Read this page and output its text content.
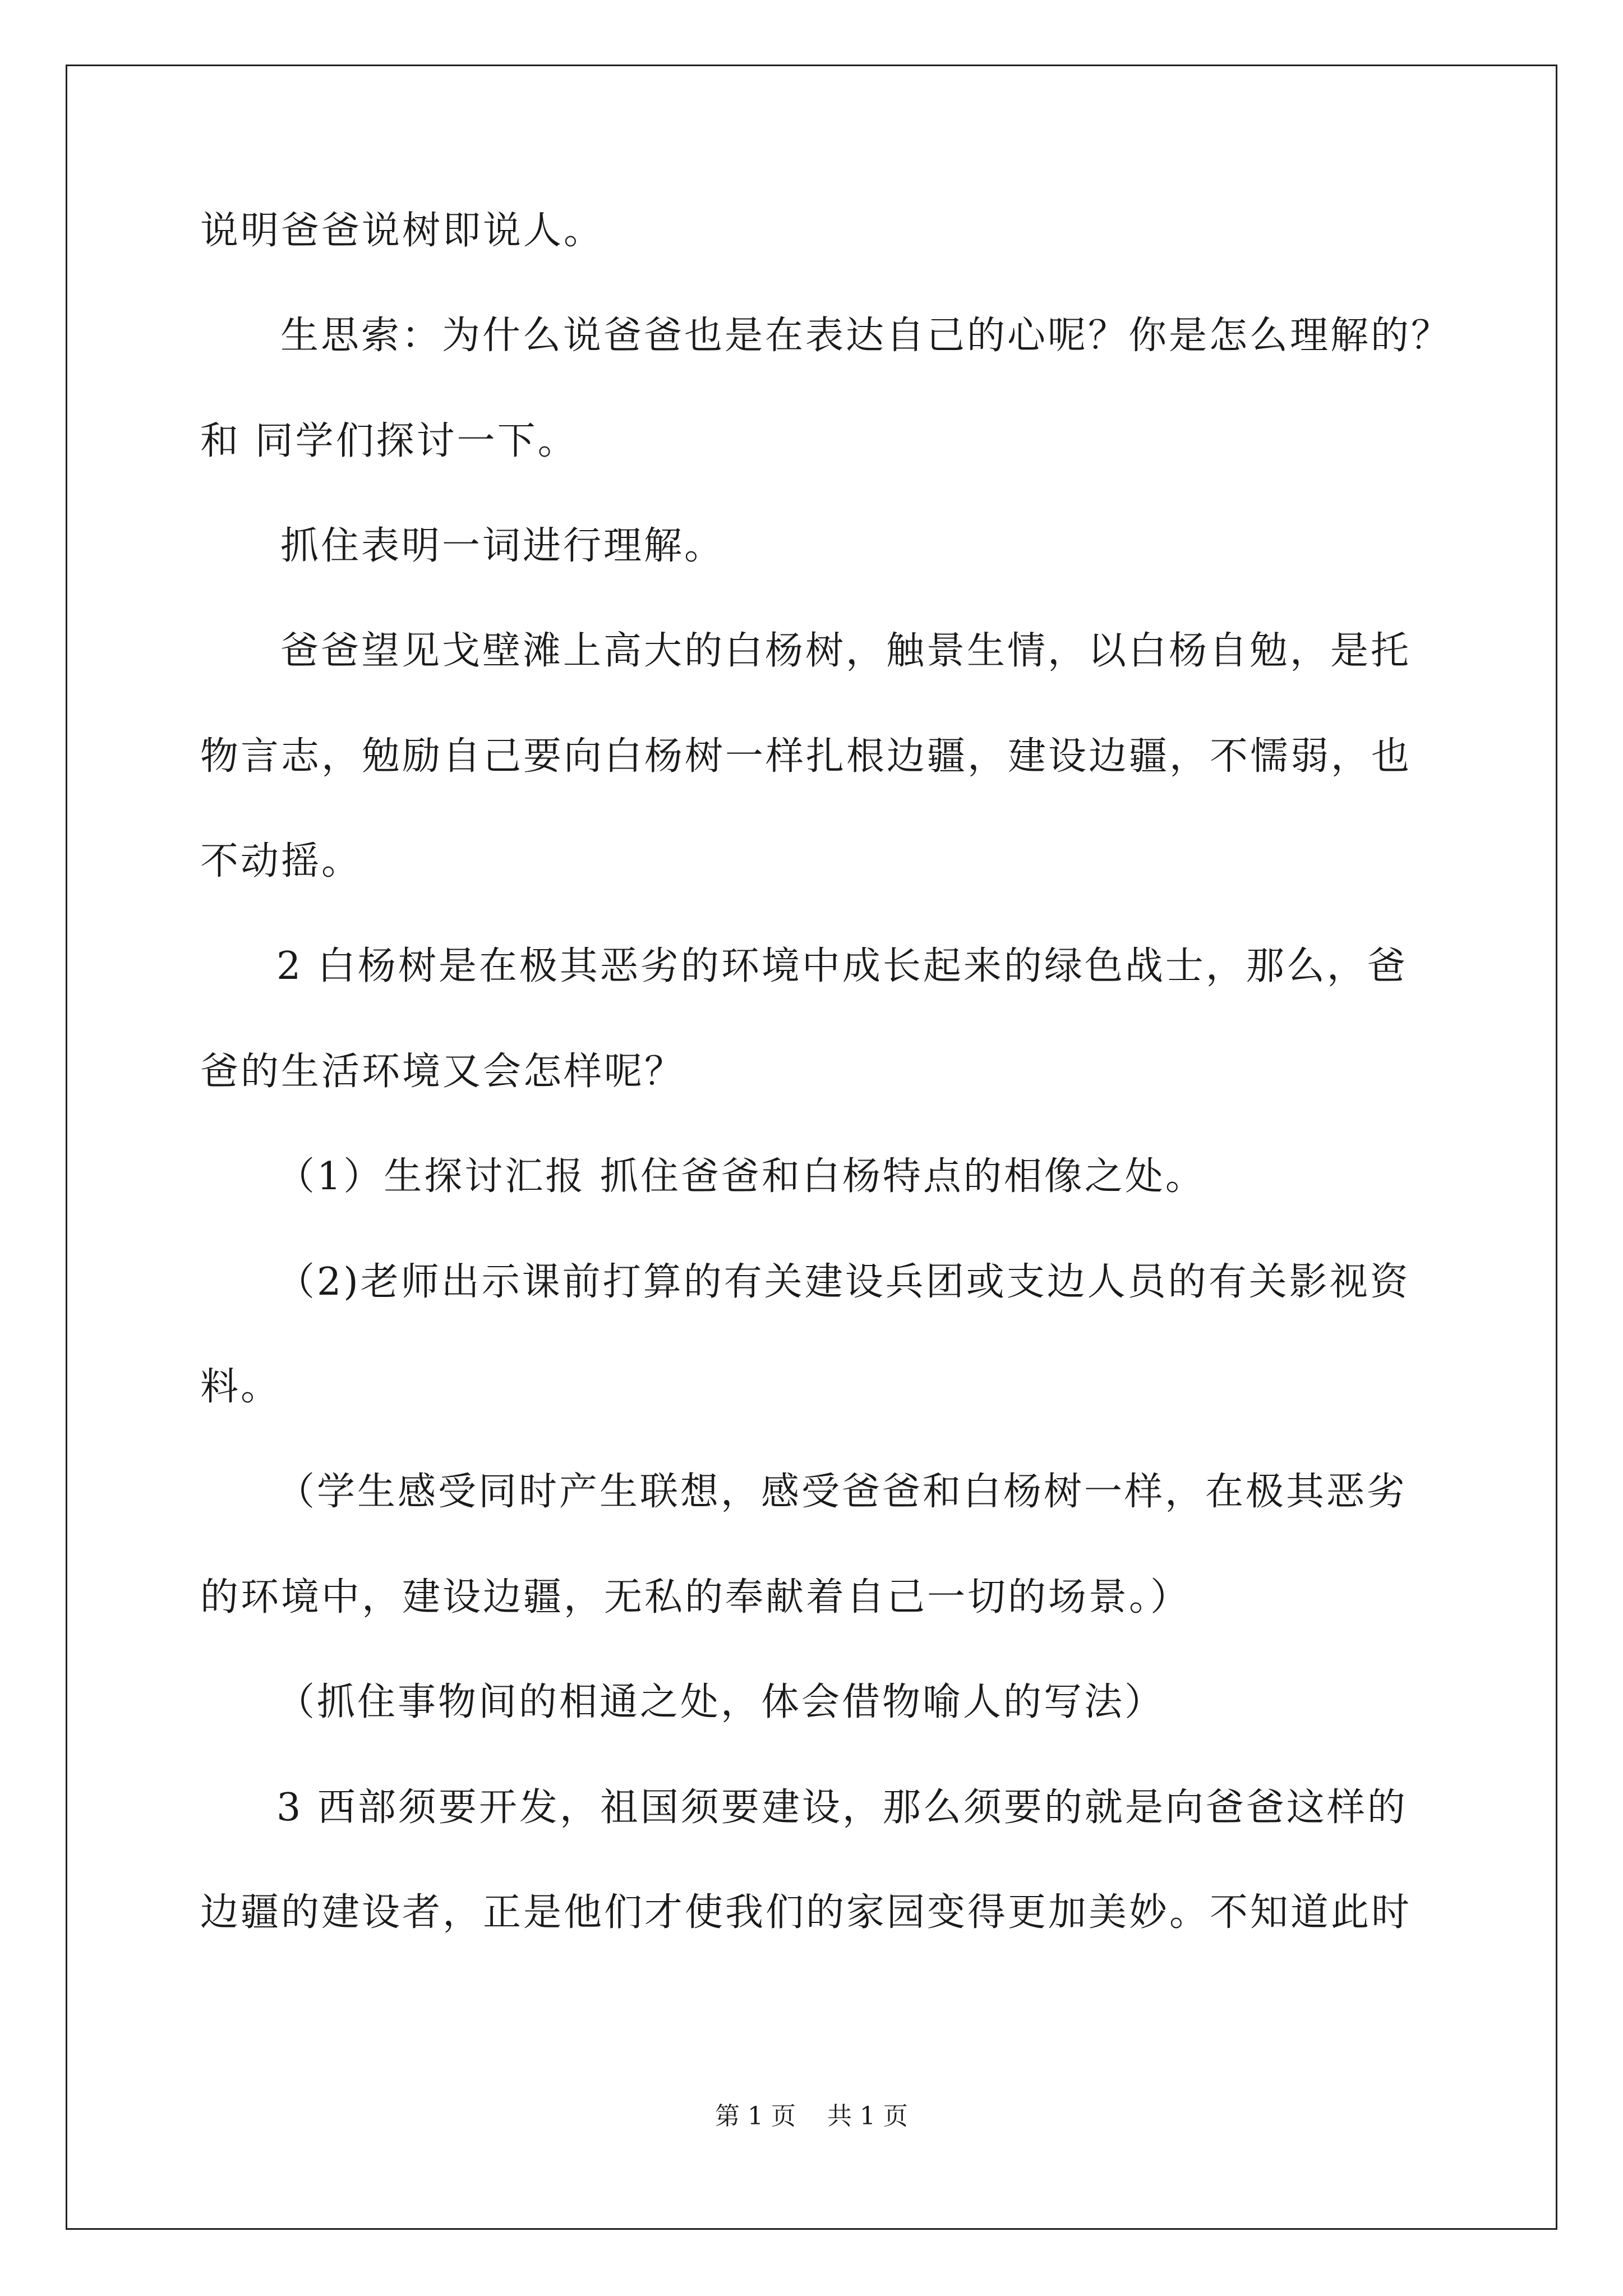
说明爸爸说树即说人。
生思索：为什么说爸爸也是在表达自己的心呢？你是怎么理解的？
和 同学们探讨一下。
抓住表明一词进行理解。
爸爸望见戈壁滩上高大的白杨树，触景生情，以白杨自勉，是托
物言志，勉励自己要向白杨树一样扎根边疆，建设边疆，不懦弱，也
不动摇。
2 白杨树是在极其恶劣的环境中成长起来的绿色战士，那么，爸
爸的生活环境又会怎样呢？
（1）生探讨汇报 抓住爸爸和白杨特点的相像之处。
（2)老师出示课前打算的有关建设兵团或支边人员的有关影视资
料。
（学生感受同时产生联想，感受爸爸和白杨树一样，在极其恶劣
的环境中，建设边疆，无私的奉献着自己一切的场景。）
（抓住事物间的相通之处，体会借物喻人的写法）
3 西部须要开发，祖国须要建设，那么须要的就是向爸爸这样的
边疆的建设者，正是他们才使我们的家园变得更加美妙。不知道此时
第 1 页    共 1 页
